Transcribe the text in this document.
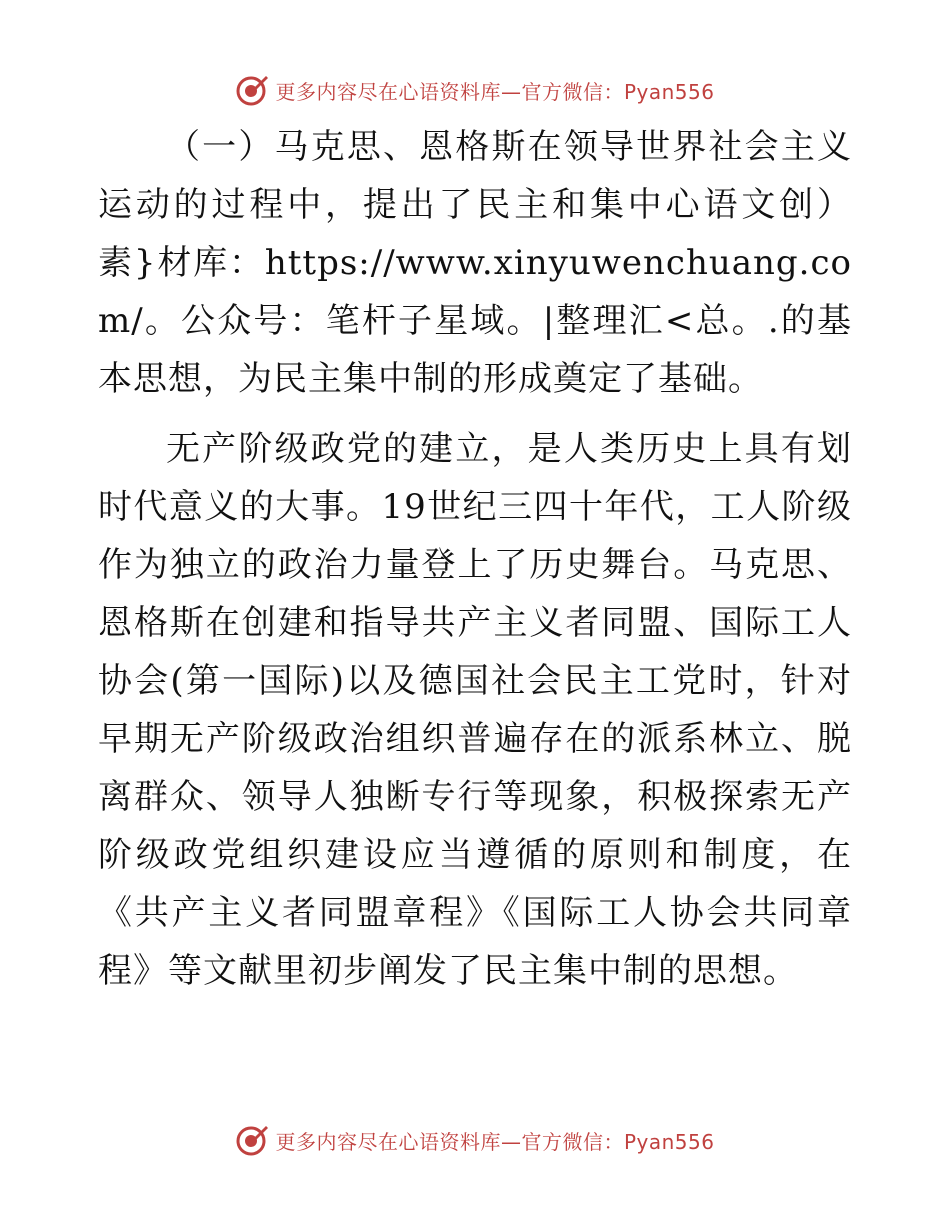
更多内容尽在心语资料库—官方微信：Pyan556

（一）马克思、恩格斯在领导世界社会主义运动的过程中，提出了民主和集中心语文创）素}材库：https://www.xinyuwenchuang.com/。公众号：笔杆子星域。|整理汇<总。.的基本思想，为民主集中制的形成奠定了基础。

无产阶级政党的建立，是人类历史上具有划时代意义的大事。19世纪三四十年代，工人阶级作为独立的政治力量登上了历史舞台。马克思、恩格斯在创建和指导共产主义者同盟、国际工人协会(第一国际)以及德国社会民主工党时，针对早期无产阶级政治组织普遍存在的派系林立、脱离群众、领导人独断专行等现象，积极探索无产阶级政党组织建设应当遵循的原则和制度，在《共产主义者同盟章程》《国际工人协会共同章程》等文献里初步阐发了民主集中制的思想。

更多内容尽在心语资料库—官方微信：Pyan556
